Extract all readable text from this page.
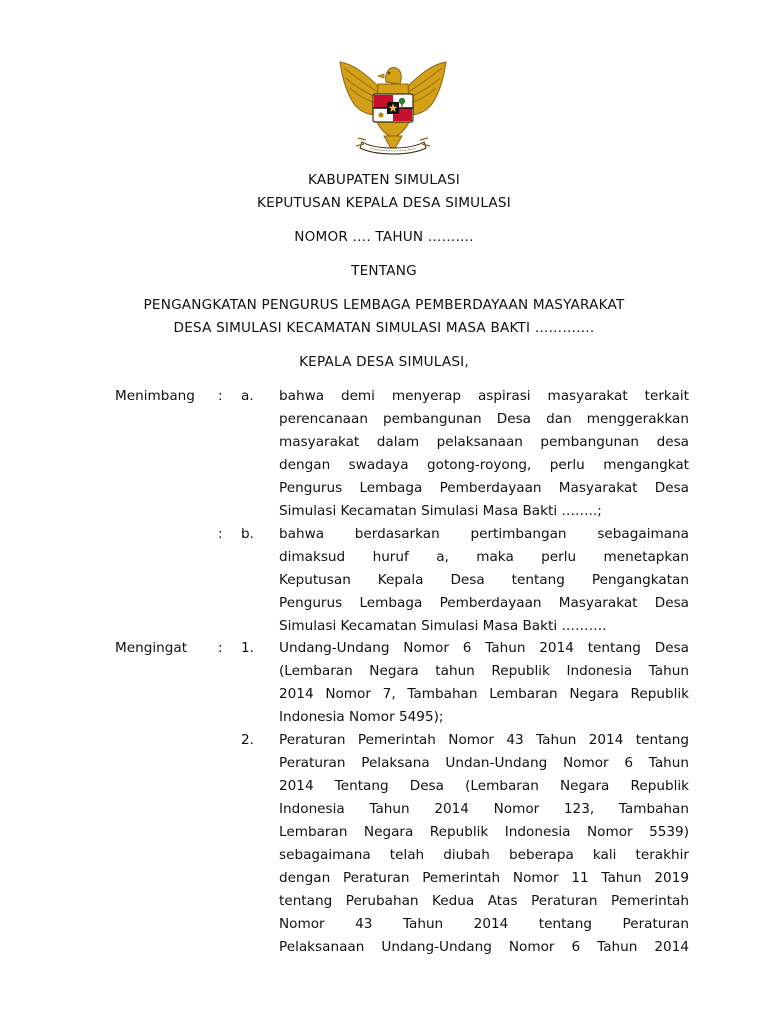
KABUPATEN SIMULASI
KEPUTUSAN KEPALA DESA SIMULASI
NOMOR …. TAHUN ……….
TENTANG
PENGANGKATAN PENGURUS LEMBAGA PEMBERDAYAAN MASYARAKAT
DESA SIMULASI KECAMATAN SIMULASI MASA BAKTI ………….
KEPALA DESA SIMULASI,
Menimbang : a. bahwa demi menyerap aspirasi masyarakat terkait
perencanaan pembangunan Desa dan menggerakkan
masyarakat dalam pelaksanaan pembangunan desa
dengan swadaya gotong-royong, perlu mengangkat
Pengurus Lembaga Pemberdayaan Masyarakat Desa
Simulasi Kecamatan Simulasi Masa Bakti ……..;
: b. bahwa berdasarkan pertimbangan sebagaimana
dimaksud huruf a, maka perlu menetapkan
Keputusan Kepala Desa tentang Pengangkatan
Pengurus Lembaga Pemberdayaan Masyarakat Desa
Simulasi Kecamatan Simulasi Masa Bakti ……….
Mengingat : 1. Undang-Undang Nomor 6 Tahun 2014 tentang Desa
(Lembaran Negara tahun Republik Indonesia Tahun
2014 Nomor 7, Tambahan Lembaran Negara Republik
Indonesia Nomor 5495);
2. Peraturan Pemerintah Nomor 43 Tahun 2014 tentang
Peraturan Pelaksana Undan-Undang Nomor 6 Tahun
2014 Tentang Desa (Lembaran Negara Republik
Indonesia Tahun 2014 Nomor 123, Tambahan
Lembaran Negara Republik Indonesia Nomor 5539)
sebagaimana telah diubah beberapa kali terakhir
dengan Peraturan Pemerintah Nomor 11 Tahun 2019
tentang Perubahan Kedua Atas Peraturan Pemerintah
Nomor 43 Tahun 2014 tentang Peraturan
Pelaksanaan Undang-Undang Nomor 6 Tahun 2014
